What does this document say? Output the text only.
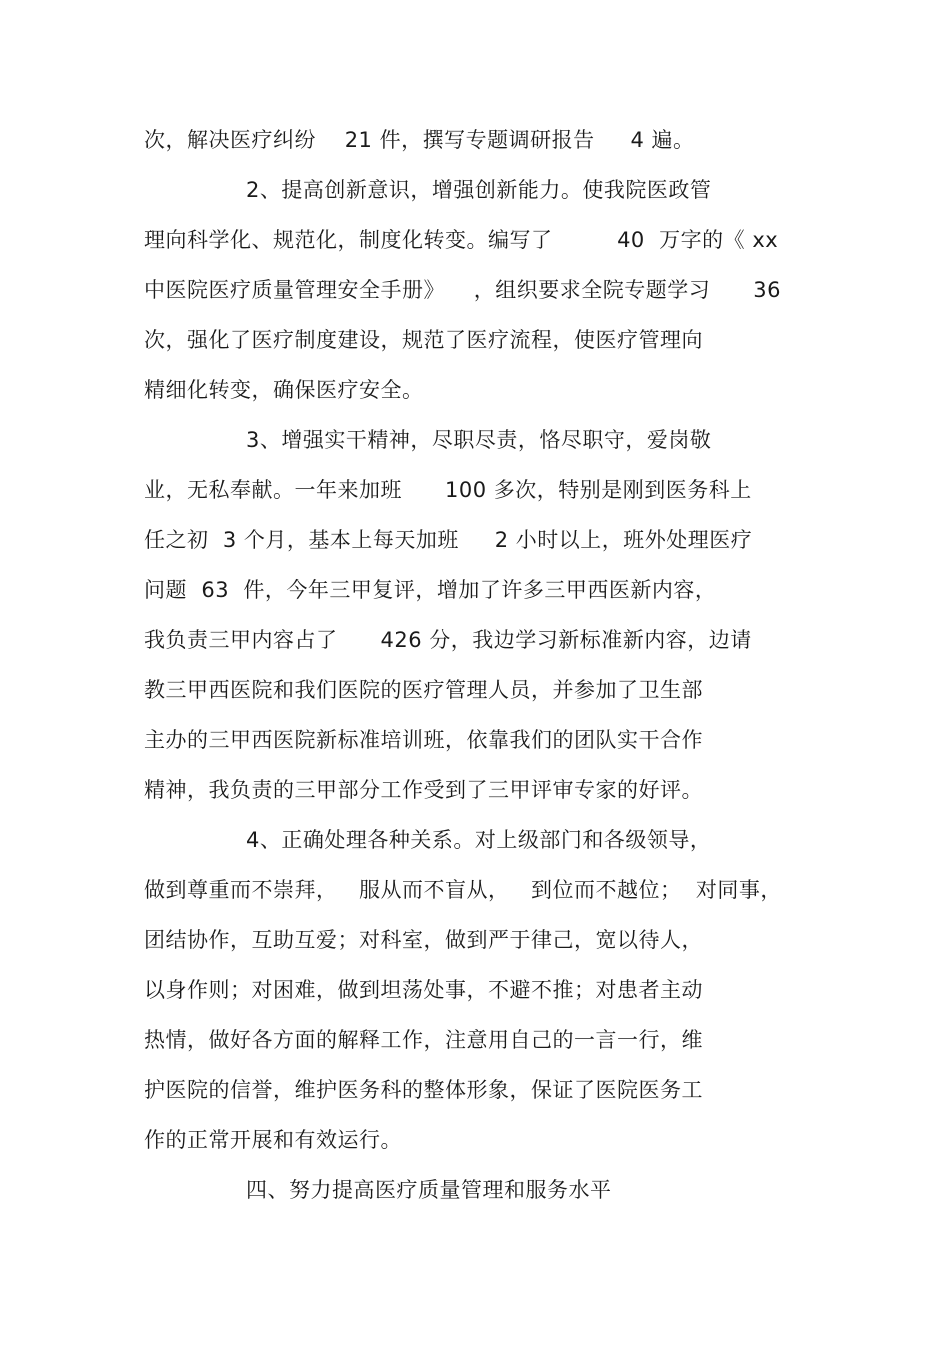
次，解决医疗纠纷    21 件，撰写专题调研报告     4 遍。
2、提高创新意识，增强创新能力。使我院医政管
理向科学化、规范化，制度化转变。编写了         40  万字的《 xx
中医院医疗质量管理安全手册》    ，组织要求全院专题学习      36
次，强化了医疗制度建设，规范了医疗流程，使医疗管理向
精细化转变，确保医疗安全。
3、增强实干精神，尽职尽责，恪尽职守，爱岗敬
业，无私奉献。一年来加班      100 多次，特别是刚到医务科上
任之初  3 个月，基本上每天加班     2 小时以上，班外处理医疗
问题  63  件，今年三甲复评，增加了许多三甲西医新内容，
我负责三甲内容占了      426 分，我边学习新标准新内容，边请
教三甲西医院和我们医院的医疗管理人员，并参加了卫生部
主办的三甲西医院新标准培训班，依靠我们的团队实干合作
精神，我负责的三甲部分工作受到了三甲评审专家的好评。
4、正确处理各种关系。对上级部门和各级领导，
做到尊重而不崇拜，   服从而不盲从，   到位而不越位；  对同事，
团结协作，互助互爱；对科室，做到严于律己，宽以待人，
以身作则；对困难，做到坦荡处事，不避不推；对患者主动
热情，做好各方面的解释工作，注意用自己的一言一行，维
护医院的信誉，维护医务科的整体形象，保证了医院医务工
作的正常开展和有效运行。
四、努力提高医疗质量管理和服务水平
